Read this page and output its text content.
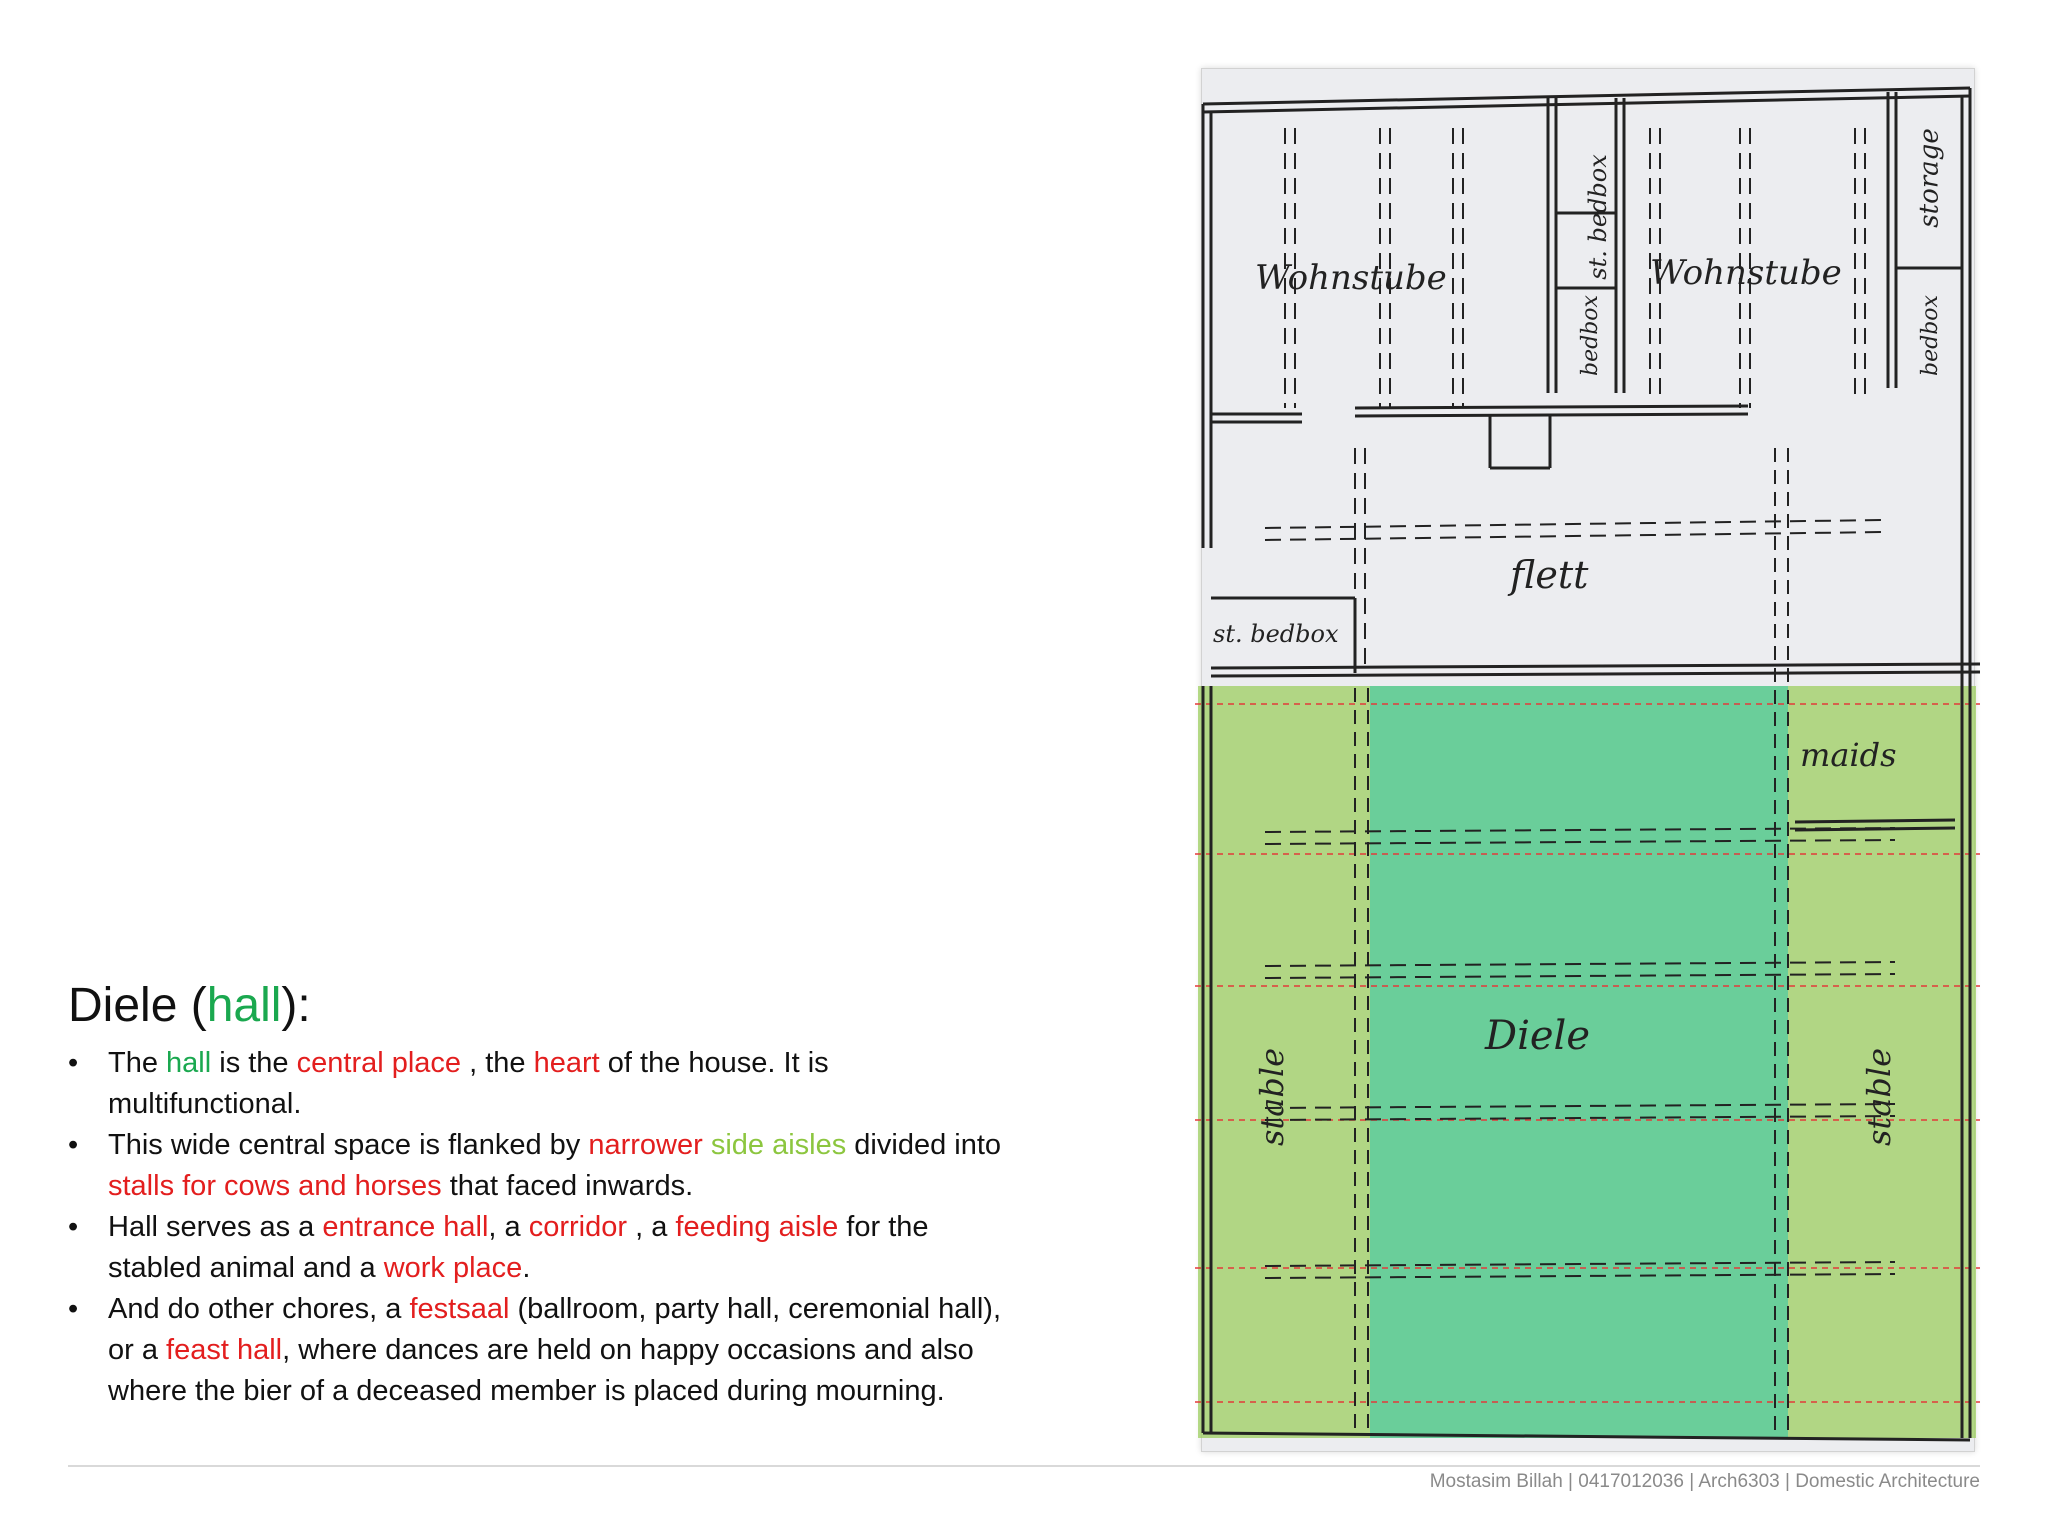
Diele (hall):
• The hall is the central place , the heart of the house. It is multifunctional.
• This wide central space is flanked by narrower side aisles divided into stalls for cows and horses that faced inwards.
• Hall serves as a entrance hall, a corridor , a feeding aisle for the stabled animal and a work place.
• And do other chores, a festsaal (ballroom, party hall, ceremonial hall), or a feast hall, where dances are held on happy occasions and also where the bier of a deceased member is placed during mourning.
Wohnstube	Wohnstube
st. bedbox
bedbox
storage
bedbox
flett
st. bedbox
maids
Diele
stable	stable
Mostasim Billah | 0417012036 | Arch6303 | Domestic Architecture
